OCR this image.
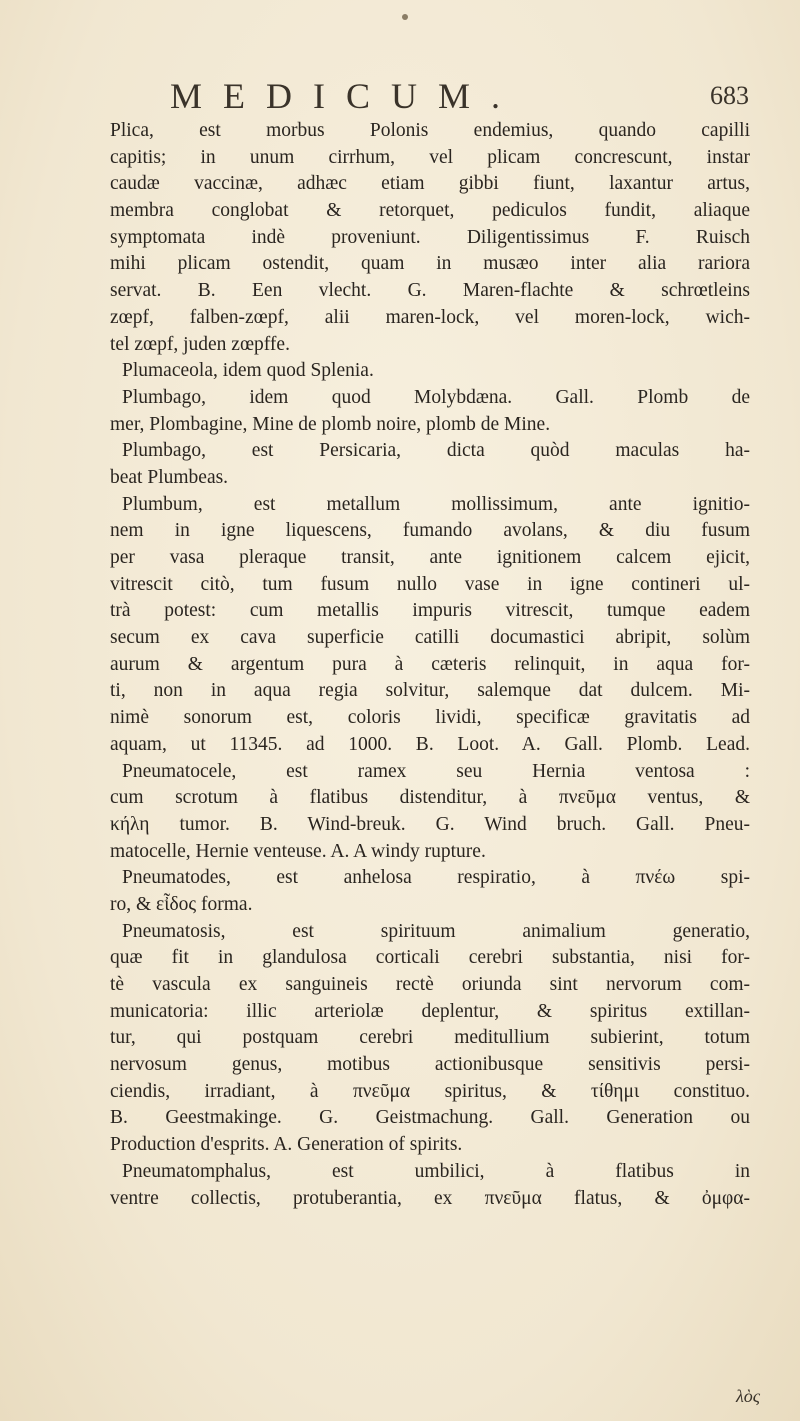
MEDICUM.	683
Plica, est morbus Polonis endemius, quando capilli
capitis; in unum cirrhum, vel plicam concrescunt, instar
caudæ vaccinæ, adhæc etiam gibbi fiunt, laxantur artus,
membra conglobat & retorquet, pediculos fundit, aliaque
symptomata indè proveniunt. Diligentissimus F. Ruisch
mihi plicam ostendit, quam in musæo inter alia rariora
servat. B. Een vlecht. G. Maren-flachte & schrœtleins
zœpf, falben-zœpf, alii maren-lock, vel moren-lock, wich-
tel zœpf, juden zœpffe.
Plumaceola, idem quod Splenia.
Plumbago, idem quod Molybdæna. Gall. Plomb de
mer, Plombagine, Mine de plomb noire, plomb de Mine.
Plumbago, est Persicaria, dicta quòd maculas ha-
beat Plumbeas.
Plumbum, est metallum mollissimum, ante ignitio-
nem in igne liquescens, fumando avolans, & diu fusum
per vasa pleraque transit, ante ignitionem calcem ejicit,
vitrescit citò, tum fusum nullo vase in igne contineri ul-
trà potest: cum metallis impuris vitrescit, tumque eadem
secum ex cava superficie catilli documastici abripit, solùm
aurum & argentum pura à cæteris relinquit, in aqua for-
ti, non in aqua regia solvitur, salemque dat dulcem. Mi-
nimè sonorum est, coloris lividi, specificæ gravitatis ad
aquam, ut 11345. ad 1000. B. Loot. A. Gall. Plomb. Lead.
Pneumatocele, est ramex seu Hernia ventosa :
cum scrotum à flatibus distenditur, à πνεῦμα ventus, &
κήλη tumor. B. Wind-breuk. G. Wind bruch. Gall. Pneu-
matocelle, Hernie venteuse. A. A windy rupture.
Pneumatodes, est anhelosa respiratio, à πνέω spi-
ro, & εἶδος forma.
Pneumatosis, est spirituum animalium generatio,
quæ fit in glandulosa corticali cerebri substantia, nisi for-
tè vascula ex sanguineis rectè oriunda sint nervorum com-
municatoria: illic arteriolæ deplentur, & spiritus extillan-
tur, qui postquam cerebri meditullium subierint, totum
nervosum genus, motibus actionibusque sensitivis persi-
ciendis, irradiant, à πνεῦμα spiritus, & τίθημι constituo.
B. Geestmakinge. G. Geistmachung. Gall. Generation ou
Production d'esprits. A. Generation of spirits.
Pneumatomphalus, est umbilici, à flatibus in
ventre collectis, protuberantia, ex πνεῦμα flatus, & ὀμφα-
λὸς
